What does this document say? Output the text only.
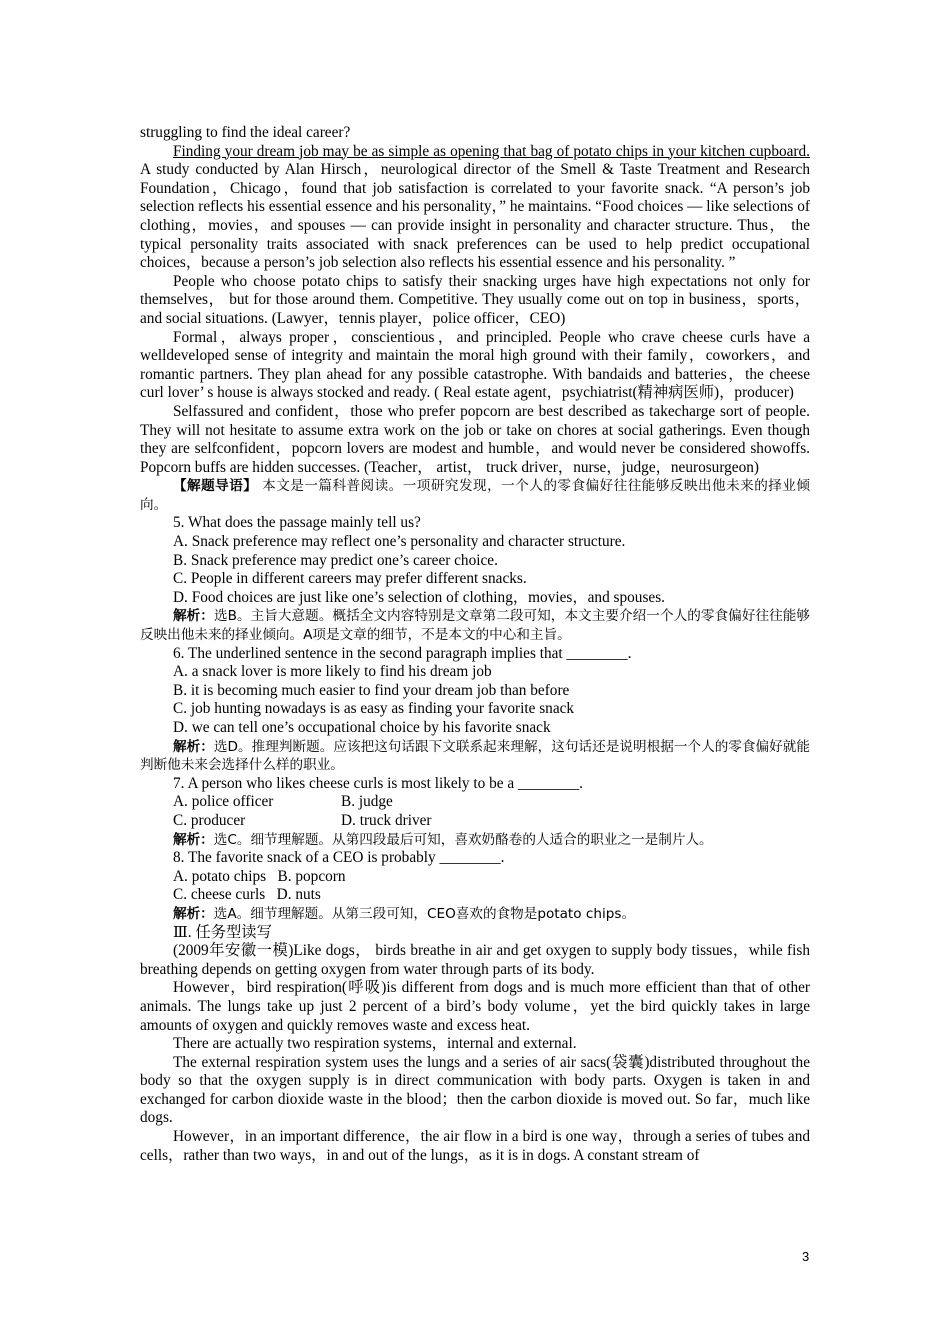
struggling to find the ideal career?

Finding your dream job may be as simple as opening that bag of potato chips in your kitchen cupboard. A study conducted by Alan Hirsch，neurological director of the Smell & Taste Treatment and Research Foundation，Chicago，found that job satisfaction is correlated to your favorite snack. “A person’s job selection reflects his essential essence and his personality，” he maintains. “Food choices — like selections of clothing，movies，and spouses — can provide insight in personality and character structure. Thus， the typical personality traits associated with snack preferences can be used to help predict occupational choices，because a person’s job selection also reflects his essential essence and his personality. ”

People who choose potato chips to satisfy their snacking urges have high expectations not only for themselves， but for those around them. Competitive. They usually come out on top in business，sports，and social situations. (Lawyer，tennis player，police officer，CEO)

Formal，always proper，conscientious，and principled. People who crave cheese curls have a welldeveloped sense of integrity and maintain the moral high ground with their family，coworkers，and romantic partners. They plan ahead for any possible catastrophe. With bandaids and batteries，the cheese curl lover’ s house is always stocked and ready. ( Real estate agent，psychiatrist(精神病医师)，producer)

Selfassured and confident，those who prefer popcorn are best described as takecharge sort of people. They will not hesitate to assume extra work on the job or take on chores at social gatherings. Even though they are selfconfident，popcorn lovers are modest and humble，and would never be considered showoffs. Popcorn buffs are hidden successes. (Teacher， artist， truck driver，nurse，judge，neurosurgeon)

【解题导语】 本文是一篇科普阅读。一项研究发现，一个人的零食偏好往往能够反映出他未来的择业倾向。

5. What does the passage mainly tell us?

A. Snack preference may reflect one’s personality and character structure.

B. Snack preference may predict one’s career choice.

C. People in different careers may prefer different snacks.

D. Food choices are just like one’s selection of clothing，movies，and spouses.

解析：选B。主旨大意题。概括全文内容特别是文章第二段可知，本文主要介绍一个人的零食偏好往往能够反映出他未来的择业倾向。A项是文章的细节，不是本文的中心和主旨。

6. The underlined sentence in the second paragraph implies that ________.

A. a snack lover is more likely to find his dream job

B. it is becoming much easier to find your dream job than before

C. job hunting nowadays is as easy as finding your favorite snack

D. we can tell one’s occupational choice by his favorite snack

解析：选D。推理判断题。应该把这句话跟下文联系起来理解，这句话还是说明根据一个人的零食偏好就能判断他未来会选择什么样的职业。

7. A person who likes cheese curls is most likely to be a ________.

A. police officer	B. judge

C. producer	D. truck driver

解析：选C。细节理解题。从第四段最后可知，喜欢奶酪卷的人适合的职业之一是制片人。

8. The favorite snack of a CEO is probably ________.

A. potato chips B. popcorn

C. cheese curls D. nuts

解析：选A。细节理解题。从第三段可知，CEO喜欢的食物是potato chips。

Ⅲ. 任务型读写

(2009年安徽一模)Like dogs， birds breathe in air and get oxygen to supply body tissues，while fish breathing depends on getting oxygen from water through parts of its body.

However，bird respiration(呼吸)is different from dogs and is much more efficient than that of other animals. The lungs take up just 2 percent of a bird’s body volume，yet the bird quickly takes in large amounts of oxygen and quickly removes waste and excess heat.

There are actually two respiration systems，internal and external.

The external respiration system uses the lungs and a series of air sacs(袋囊)distributed throughout the body so that the oxygen supply is in direct communication with body parts. Oxygen is taken in and exchanged for carbon dioxide waste in the blood；then the carbon dioxide is moved out. So far，much like dogs.

However，in an important difference，the air flow in a bird is one way，through a series of tubes and cells，rather than two ways，in and out of the lungs，as it is in dogs. A constant stream of

3
